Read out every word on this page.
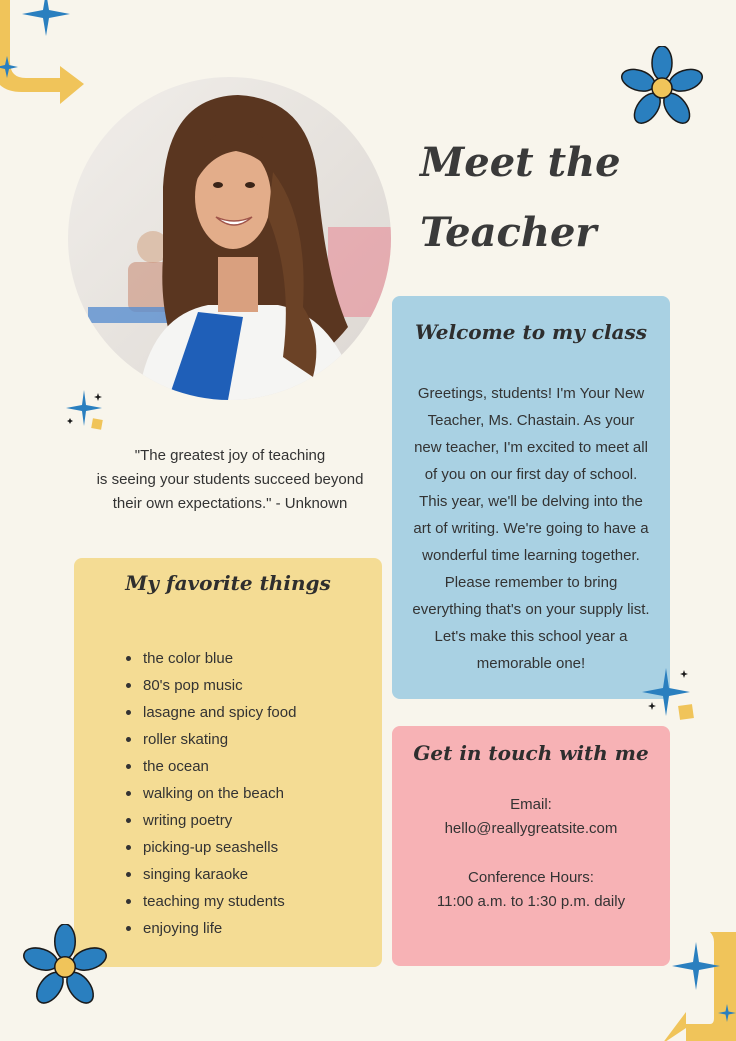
Meet the
Teacher
"The greatest joy of teaching
is seeing your students succeed beyond
their own expectations." - Unknown
Welcome to my class
Greetings, students! I'm Your New Teacher, Ms. Chastain. As your new teacher, I'm excited to meet all of you on our first day of school. This year, we'll be delving into the art of writing. We're going to have a wonderful time learning together. Please remember to bring everything that's on your supply list. Let's make this school year a memorable one!
My favorite things
the color blue
80's pop music
lasagne and spicy food
roller skating
the ocean
walking on the beach
writing poetry
picking-up seashells
singing karaoke
teaching my students
enjoying life
Get in touch with me
Email:
hello@reallygreatsite.com
Conference Hours:
11:00 a.m. to 1:30 p.m. daily
